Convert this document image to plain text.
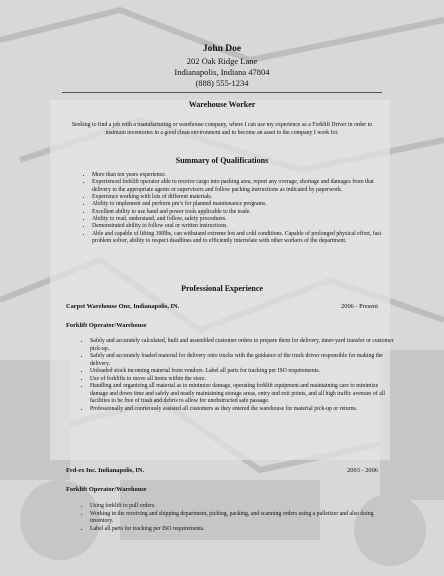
John Doe
202 Oak Ridge Lane
Indianapolis, Indiana 47804
(888) 555-1234
Warehouse Worker
Seeking to find a job with a manufacturing or warehouse company, where I can use my experience as a Forklift Driver in order to maintain inventories in a good clean environment and to become an asset to the company I work for.
Summary of Qualifications
• More than ten years experience.
• Experienced forklift operator able to receive cargo into packing area, report any overage, shortage and damages from that delivery to the appropriate agents or supervisors and follow packing instructions as indicated by paperwork.
• Experience working with lots of different materials.
• Ability to implement and perform pm’s for planned maintenance programs.
• Excellent ability to use hand and power tools applicable to the trade.
• Ability to read, understand, and follow, safety procedures.
• Demonstrated ability to follow oral or written instructions.
• Able and capable of lifting 100lbs, can withstand extreme hot and cold conditions. Capable of prolonged physical effort, fast problem solver, ability to respect deadlines and to efficiently interrelate with other workers of the department.
Professional Experience
Carpet Warehouse One, Indianapolis, IN.	2006 - Present
Forklift Operator/Warehouse
• Safely and accurately calculated, built and assembled customer orders to prepare them for delivery, inner-yard transfer or customer pick-up..
• Safely and accurately loaded material for delivery onto trucks with the guidance of the truck driver responsible for making the delivery.
• Unloaded stock incoming material from vendors. Label all parts for tracking per ISO requirements.
• Use of forklifts to move all items within the store.
• Handling and organizing all material as to minimize damage, operating forklift equipment and maintaining care to minimize damage and down time and safely and neatly maintaining storage areas, entry and exit points, and all high traffic avenues of all facilities to be free of trash and debris to allow for unobstructed safe passage.
• Professionally and courteously assisted all customers as they entered the warehouse for material pick-up or returns.
Fed-ex Inc. Indianapolis, IN.	2003 - 2006
Forklift Operator/Warehouse
• Using forklift to pull orders.
• Working in the receiving and shipping department, picking, packing, and scanning orders using a palletizer and also doing inventory.
• Label all parts for tracking per ISO requirements.
